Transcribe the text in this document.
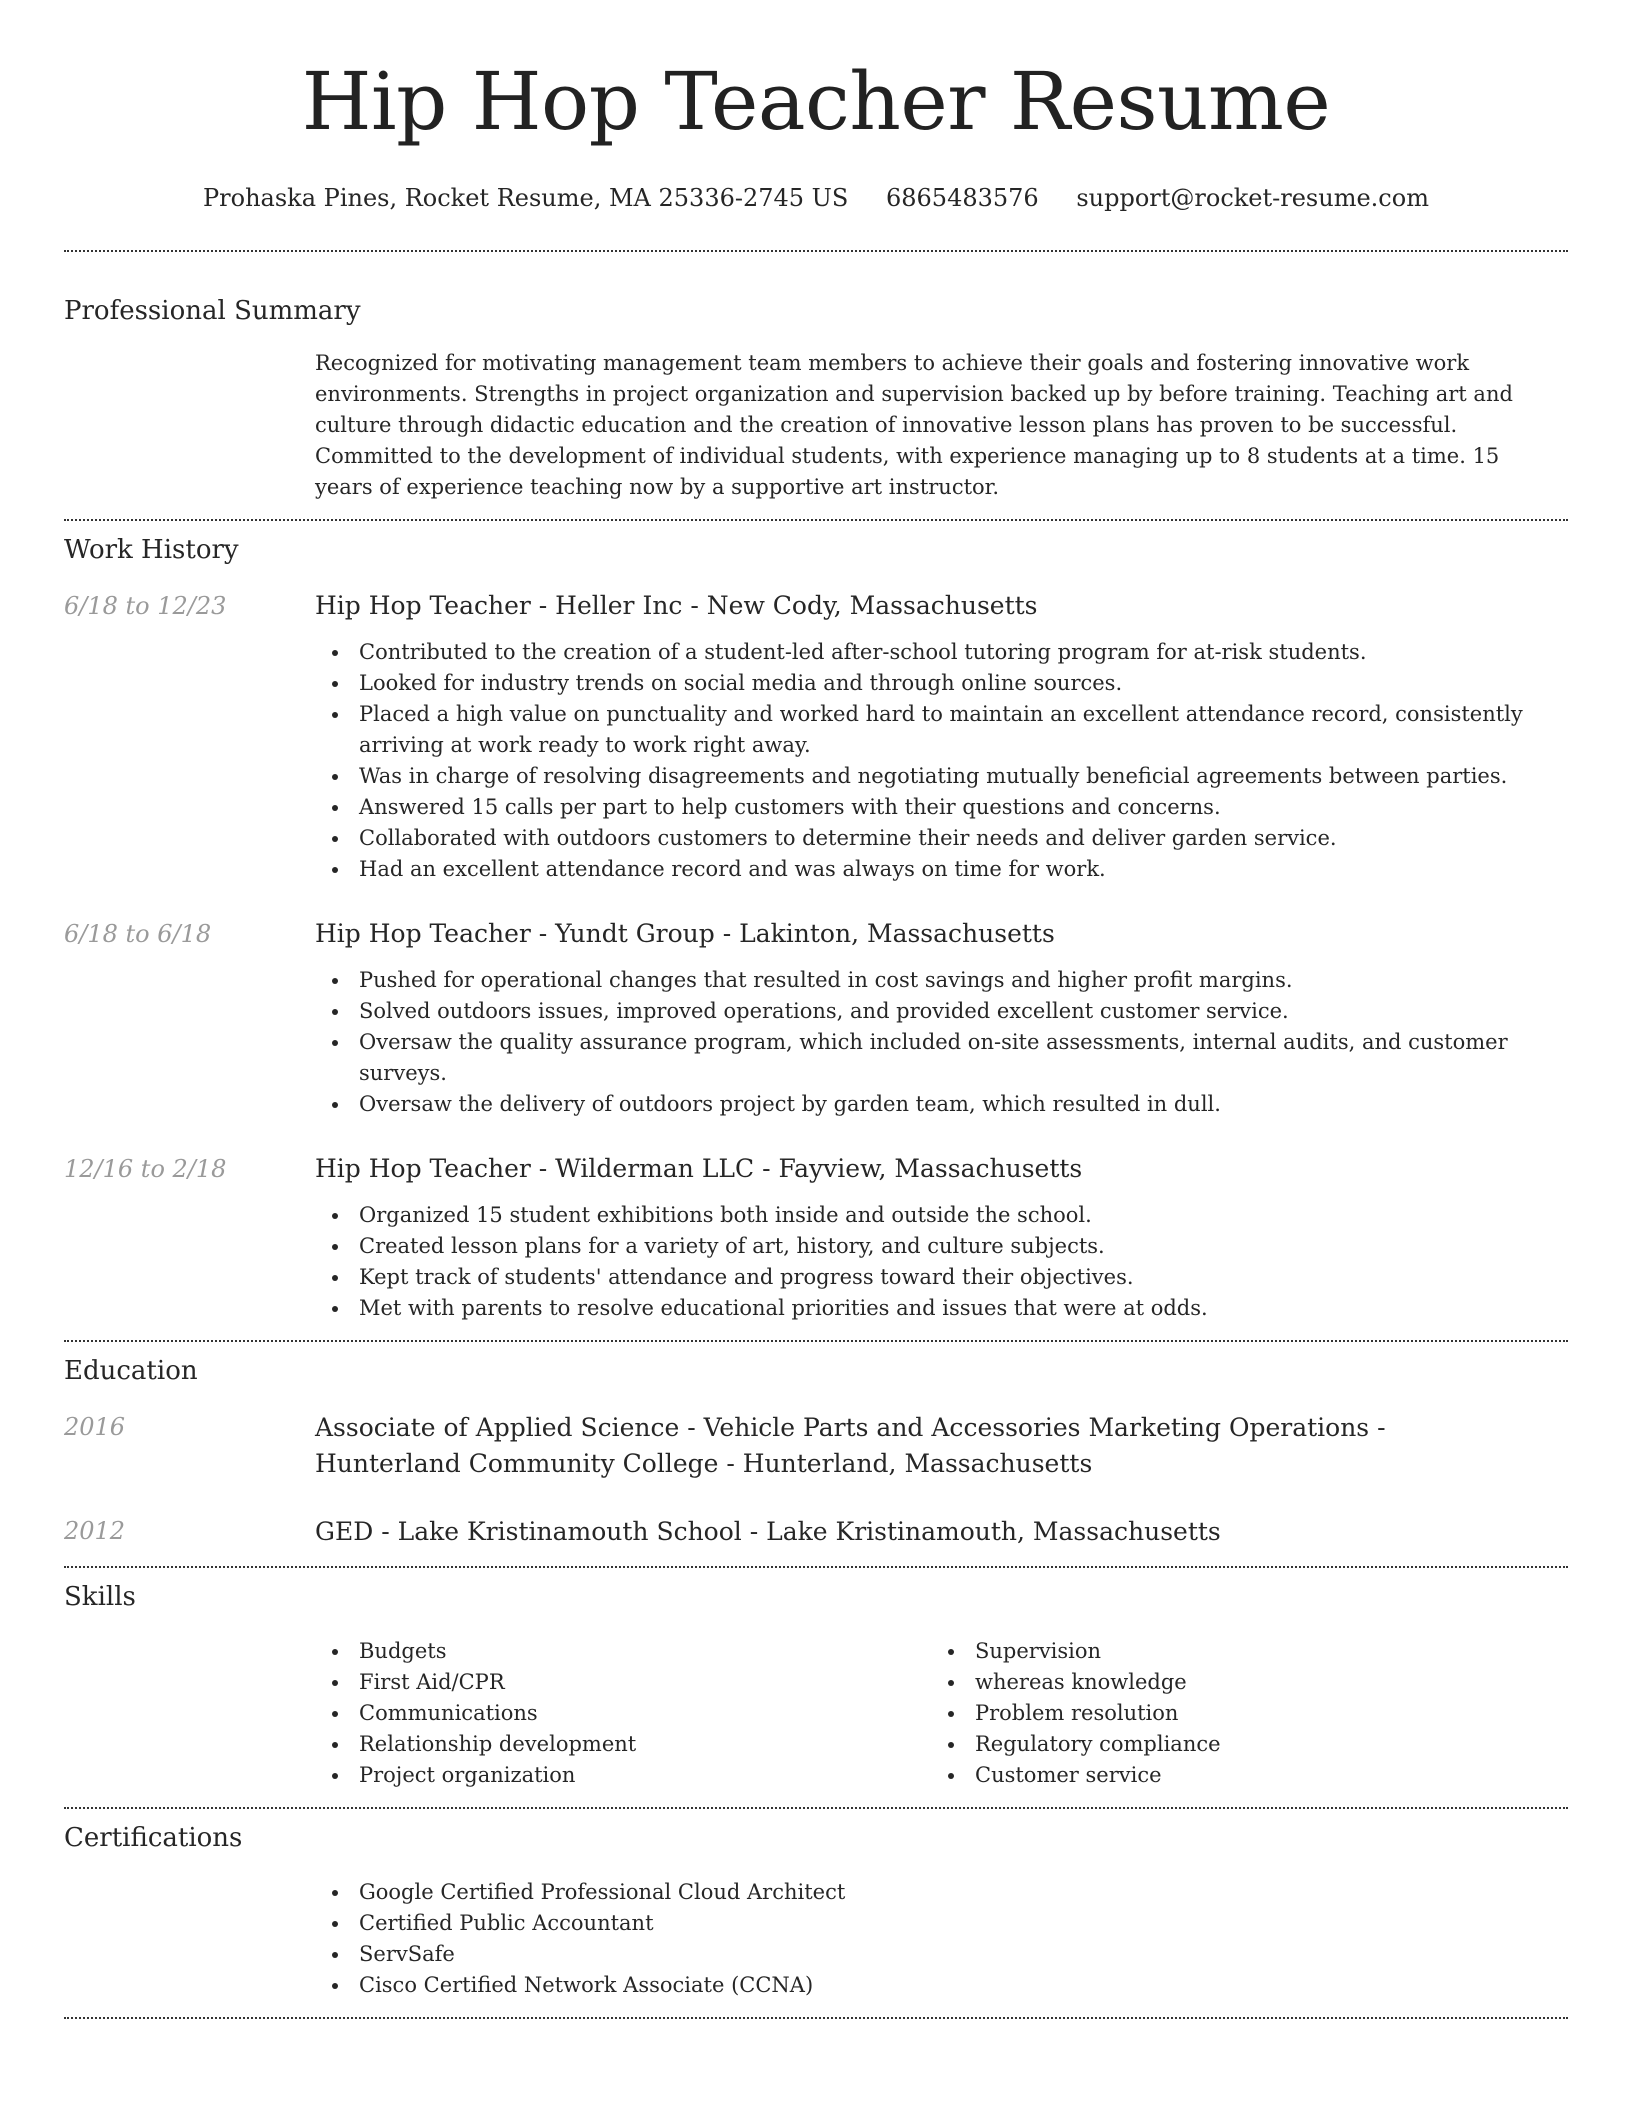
Hip Hop Teacher Resume
Prohaska Pines, Rocket Resume, MA 25336-2745 US 6865483576 support@rocket-resume.com
Professional Summary

Recognized for motivating management team members to achieve their goals and fostering innovative work environments. Strengths in project organization and supervision backed up by before training. Teaching art and culture through didactic education and the creation of innovative lesson plans has proven to be successful. Committed to the development of individual students, with experience managing up to 8 students at a time. 15 years of experience teaching now by a supportive art instructor.

Work History
6/18 to 12/23	Hip Hop Teacher - Heller Inc - New Cody, Massachusetts
Contributed to the creation of a student-led after-school tutoring program for at-risk students.
Looked for industry trends on social media and through online sources.
Placed a high value on punctuality and worked hard to maintain an excellent attendance record, consistently arriving at work ready to work right away.
Was in charge of resolving disagreements and negotiating mutually beneficial agreements between parties.
Answered 15 calls per part to help customers with their questions and concerns.
Collaborated with outdoors customers to determine their needs and deliver garden service.
Had an excellent attendance record and was always on time for work.
6/18 to 6/18	Hip Hop Teacher - Yundt Group - Lakinton, Massachusetts
Pushed for operational changes that resulted in cost savings and higher profit margins.
Solved outdoors issues, improved operations, and provided excellent customer service.
Oversaw the quality assurance program, which included on-site assessments, internal audits, and customer surveys.
Oversaw the delivery of outdoors project by garden team, which resulted in dull.
12/16 to 2/18	Hip Hop Teacher - Wilderman LLC - Fayview, Massachusetts
Organized 15 student exhibitions both inside and outside the school.
Created lesson plans for a variety of art, history, and culture subjects.
Kept track of students' attendance and progress toward their objectives.
Met with parents to resolve educational priorities and issues that were at odds.
Education
2016	Associate of Applied Science - Vehicle Parts and Accessories Marketing Operations - Hunterland Community College - Hunterland, Massachusetts
2012	GED - Lake Kristinamouth School - Lake Kristinamouth, Massachusetts
Skills
Budgets
First Aid/CPR
Communications
Relationship development
Project organization
Supervision
whereas knowledge
Problem resolution
Regulatory compliance
Customer service
Certifications
Google Certified Professional Cloud Architect
Certified Public Accountant
ServSafe
Cisco Certified Network Associate (CCNA)
